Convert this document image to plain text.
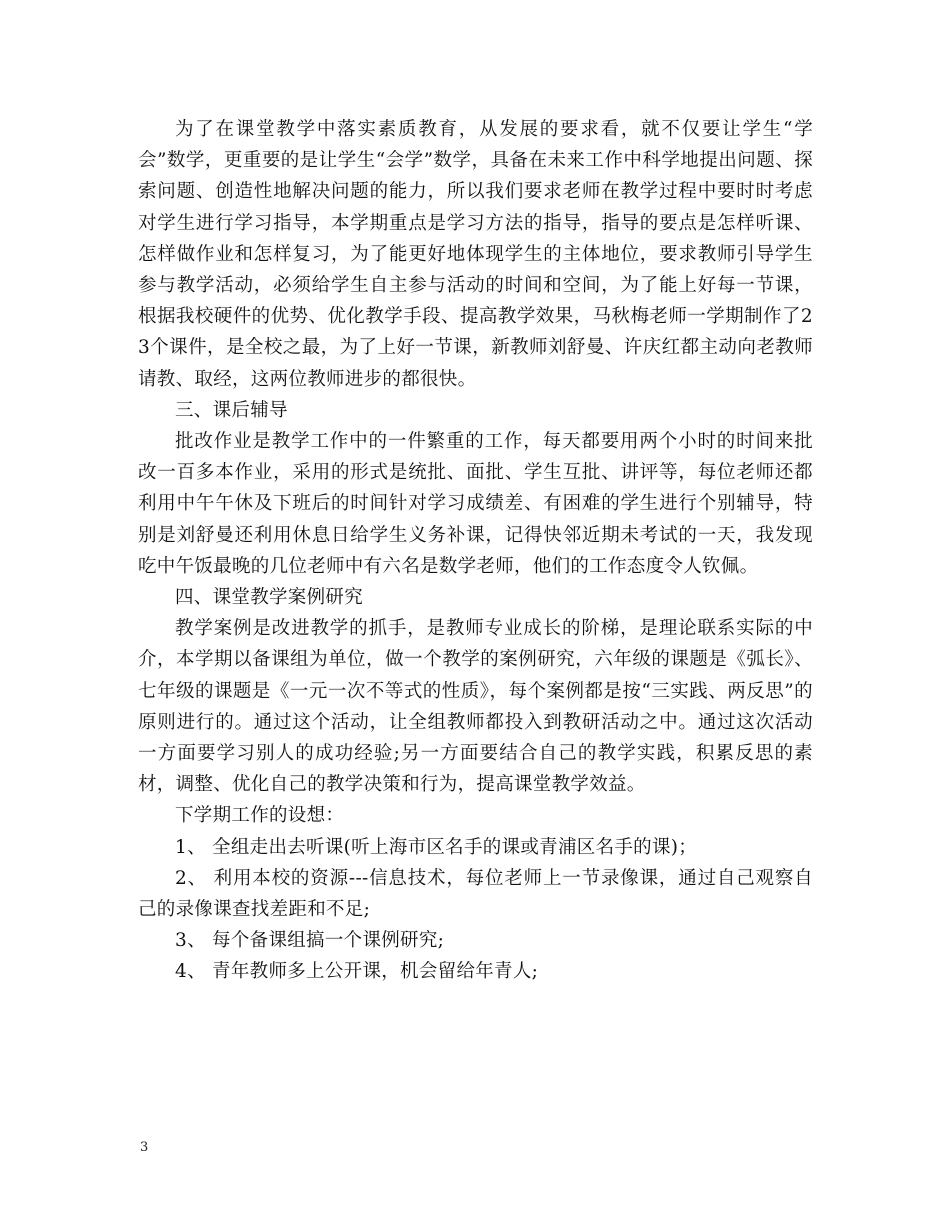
为了在课堂教学中落实素质教育，从发展的要求看，就不仅要让学生“学会”数学，更重要的是让学生“会学”数学，具备在未来工作中科学地提出问题、探索问题、创造性地解决问题的能力，所以我们要求老师在教学过程中要时时考虑对学生进行学习指导，本学期重点是学习方法的指导，指导的要点是怎样听课、怎样做作业和怎样复习，为了能更好地体现学生的主体地位，要求教师引导学生参与教学活动，必须给学生自主参与活动的时间和空间，为了能上好每一节课，根据我校硬件的优势、优化教学手段、提高教学效果，马秋梅老师一学期制作了23个课件，是全校之最，为了上好一节课，新教师刘舒曼、许庆红都主动向老教师请教、取经，这两位教师进步的都很快。

三、课后辅导

批改作业是教学工作中的一件繁重的工作，每天都要用两个小时的时间来批改一百多本作业，采用的形式是统批、面批、学生互批、讲评等，每位老师还都利用中午午休及下班后的时间针对学习成绩差、有困难的学生进行个别辅导，特别是刘舒曼还利用休息日给学生义务补课，记得快邻近期未考试的一天，我发现吃中午饭最晚的几位老师中有六名是数学老师，他们的工作态度令人钦佩。

四、课堂教学案例研究

教学案例是改进教学的抓手，是教师专业成长的阶梯，是理论联系实际的中介，本学期以备课组为单位，做一个教学的案例研究，六年级的课题是《弧长》、七年级的课题是《一元一次不等式的性质》，每个案例都是按“三实践、两反思”的原则进行的。通过这个活动，让全组教师都投入到教研活动之中。通过这次活动一方面要学习别人的成功经验;另一方面要结合自己的教学实践，积累反思的素材，调整、优化自己的教学决策和行为，提高课堂教学效益。

下学期工作的设想：

1、 全组走出去听课(听上海市区名手的课或青浦区名手的课)；

2、 利用本校的资源---信息技术，每位老师上一节录像课，通过自己观察自己的录像课查找差距和不足;

3、 每个备课组搞一个课例研究;

4、 青年教师多上公开课，机会留给年青人;

3
